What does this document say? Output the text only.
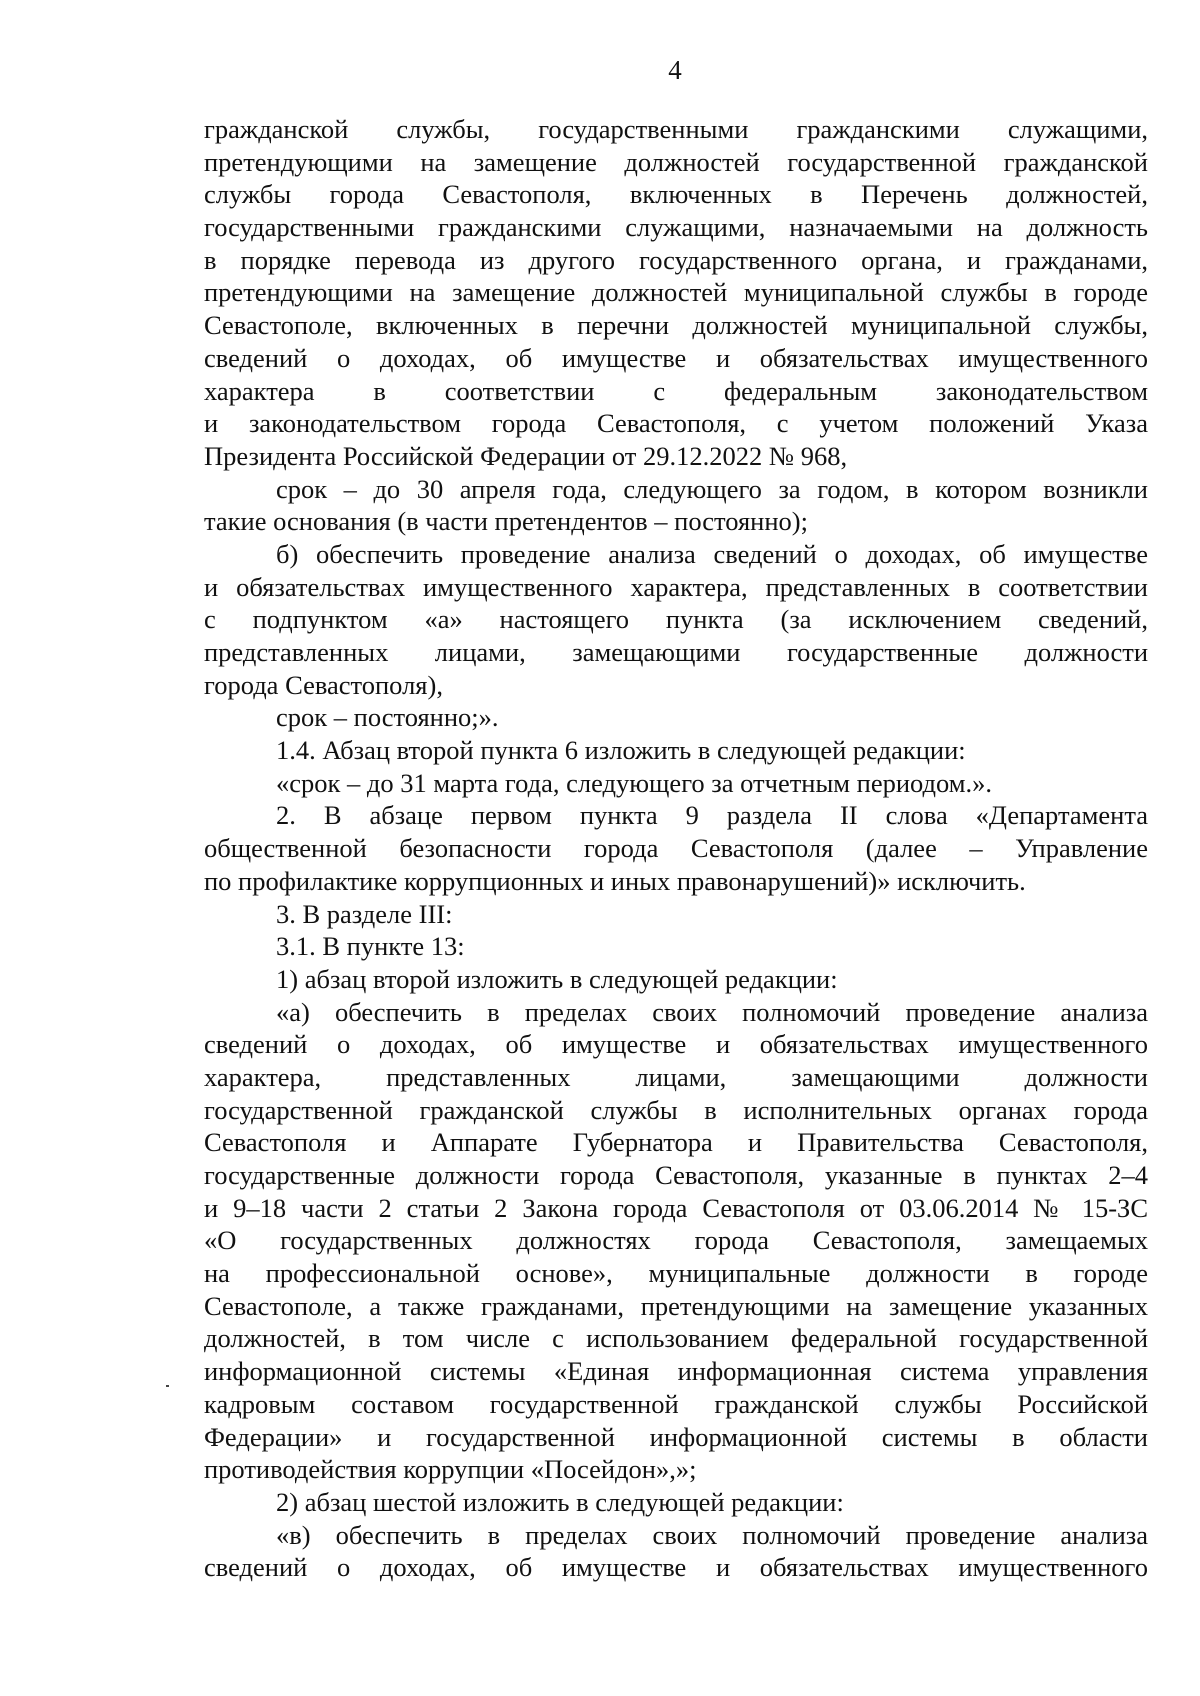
4
гражданской службы, государственными гражданскими служащими,
претендующими на замещение должностей государственной гражданской
службы города Севастополя, включенных в Перечень должностей,
государственными гражданскими служащими, назначаемыми на должность
в порядке перевода из другого государственного органа, и гражданами,
претендующими на замещение должностей муниципальной службы в городе
Севастополе, включенных в перечни должностей муниципальной службы,
сведений о доходах, об имуществе и обязательствах имущественного
характера в соответствии с федеральным законодательством
и законодательством города Севастополя, с учетом положений Указа
Президента Российской Федерации от 29.12.2022 № 968,
срок – до 30 апреля года, следующего за годом, в котором возникли
такие основания (в части претендентов – постоянно);
б) обеспечить проведение анализа сведений о доходах, об имуществе
и обязательствах имущественного характера, представленных в соответствии
с подпунктом «а» настоящего пункта (за исключением сведений,
представленных лицами, замещающими государственные должности
города Севастополя),
срок – постоянно;».
1.4. Абзац второй пункта 6 изложить в следующей редакции:
«срок – до 31 марта года, следующего за отчетным периодом.».
2. В абзаце первом пункта 9 раздела II слова «Департамента
общественной безопасности города Севастополя (далее – Управление
по профилактике коррупционных и иных правонарушений)» исключить.
3. В разделе III:
3.1. В пункте 13:
1) абзац второй изложить в следующей редакции:
«а) обеспечить в пределах своих полномочий проведение анализа
сведений о доходах, об имуществе и обязательствах имущественного
характера, представленных лицами, замещающими должности
государственной гражданской службы в исполнительных органах города
Севастополя и Аппарате Губернатора и Правительства Севастополя,
государственные должности города Севастополя, указанные в пунктах 2–4
и 9–18 части 2 статьи 2 Закона города Севастополя от 03.06.2014 № 15-ЗС
«О государственных должностях города Севастополя, замещаемых
на профессиональной основе», муниципальные должности в городе
Севастополе, а также гражданами, претендующими на замещение указанных
должностей, в том числе с использованием федеральной государственной
информационной системы «Единая информационная система управления
кадровым составом государственной гражданской службы Российской
Федерации» и государственной информационной системы в области
противодействия коррупции «Посейдон»,»;
2) абзац шестой изложить в следующей редакции:
«в) обеспечить в пределах своих полномочий проведение анализа
сведений о доходах, об имуществе и обязательствах имущественного
